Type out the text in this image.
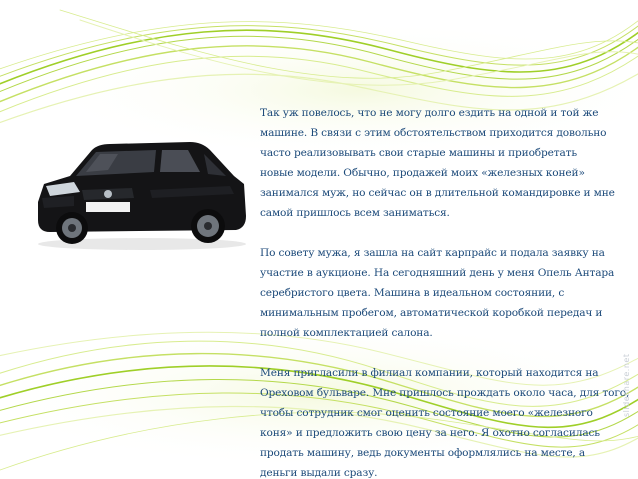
Так уж повелось, что не могу долго ездить на одной и той же
машине. В связи с этим обстоятельством приходится довольно
часто реализовывать свои старые машины и приобретать
новые модели. Обычно, продажей моих «железных коней»
занимался муж, но сейчас он в длительной командировке и мне
самой пришлось всем заниматься.

По совету мужа, я зашла на сайт карпрайс и подала заявку на
участие в аукционе. На сегодняшний день у меня Опель Антара
серебристого цвета. Машина в идеальном состоянии, с
минимальным пробегом, автоматической коробкой передач и
полной комплектацией салона.

Меня пригласили в филиал компании, который находится на
Ореховом бульваре. Мне пришлось прождать около часа, для того,
чтобы сотрудник смог оценить состояние моего «железного
коня» и предложить свою цену за него. Я охотно согласилась
продать машину, ведь документы оформлялись на месте, а
деньги выдали сразу.

slideshare.net
